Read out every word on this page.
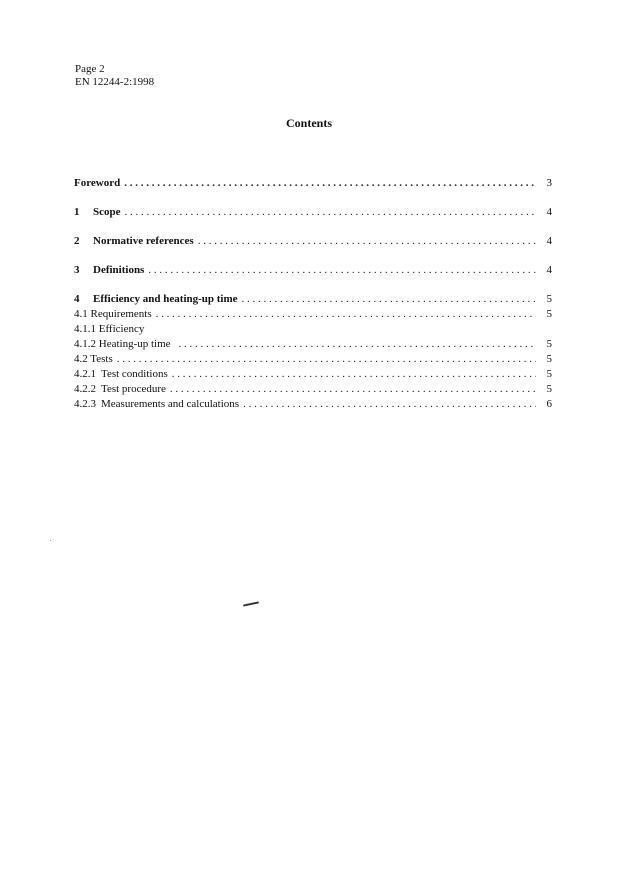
Page 2
EN 12244-2:1998
Contents
Foreword . . .	3
1	Scope . . .	4
2	Normative references . . .	4
3	Definitions . . .	4
4	Efficiency and heating-up time . . .	5
4.1 Requirements . . .	5
4.1.1 Efficiency
4.1.2 Heating-up time . . .	5
4.2 Tests . . .	5
4.2.1 Test conditions . . .	5
4.2.2 Test procedure . . .	5
4.2.3 Measurements and calculations . . .	6
